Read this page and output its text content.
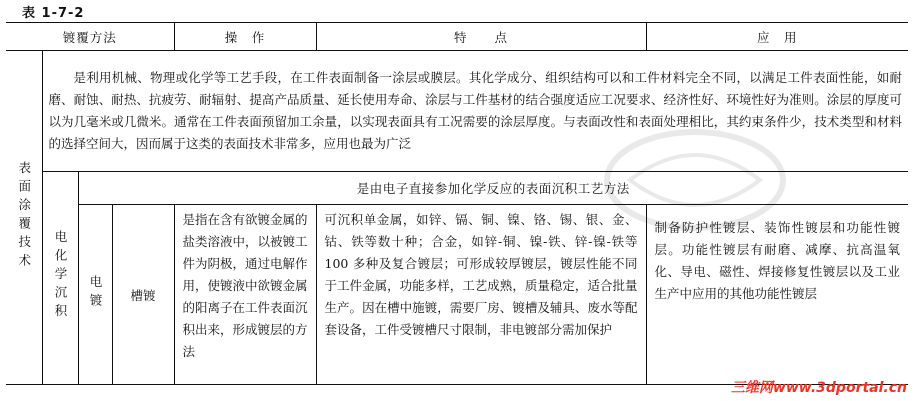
表 1-7-2
镀覆方法				操　作	特　　点	应　用
表面涂覆技术	是利用机械、物理或化学等工艺手段，在工件表面制备一涂层或膜层。其化学成分、组织结构可以和工件材料完全不同，以满足工件表面性能，如耐磨、耐蚀、耐热、抗疲劳、耐辐射、提高产品质量、延长使用寿命、涂层与工件基材的结合强度适应工况要求、经济性好、环境性好为准则。涂层的厚度可以为几毫米或几微米。通常在工件表面预留加工余量，以实现表面具有工况需要的涂层厚度。与表面改性和表面处理相比，其约束条件少，技术类型和材料的选择空间大，因而属于这类的表面技术非常多，应用也最为广泛					
	电化学沉积	是由电子直接参加化学反应的表面沉积工艺方法				
		电镀	槽镀	是指在含有欲镀金属的盐类溶液中，以被镀工件为阴极，通过电解作用，使镀液中欲镀金属的阳离子在工件表面沉积出来，形成镀层的方法	可沉积单金属，如锌、镉、铜、镍、铬、锡、银、金、钴、铁等数十种；合金，如锌-铜、镍-铁、锌-镍-铁等 100 多种及复合镀层；可形成较厚镀层，镀层性能不同于工件金属，功能多样，工艺成熟，质量稳定，适合批量生产。因在槽中施镀，需要厂房、镀槽及辅具、废水等配套设备，工件受镀槽尺寸限制，非电镀部分需加保护	制备防护性镀层、装饰性镀层和功能性镀层。功能性镀层有耐磨、减摩、抗高温氧化、导电、磁性、焊接修复性镀层以及工业生产中应用的其他功能性镀层
三维网www.3dportal.cn
